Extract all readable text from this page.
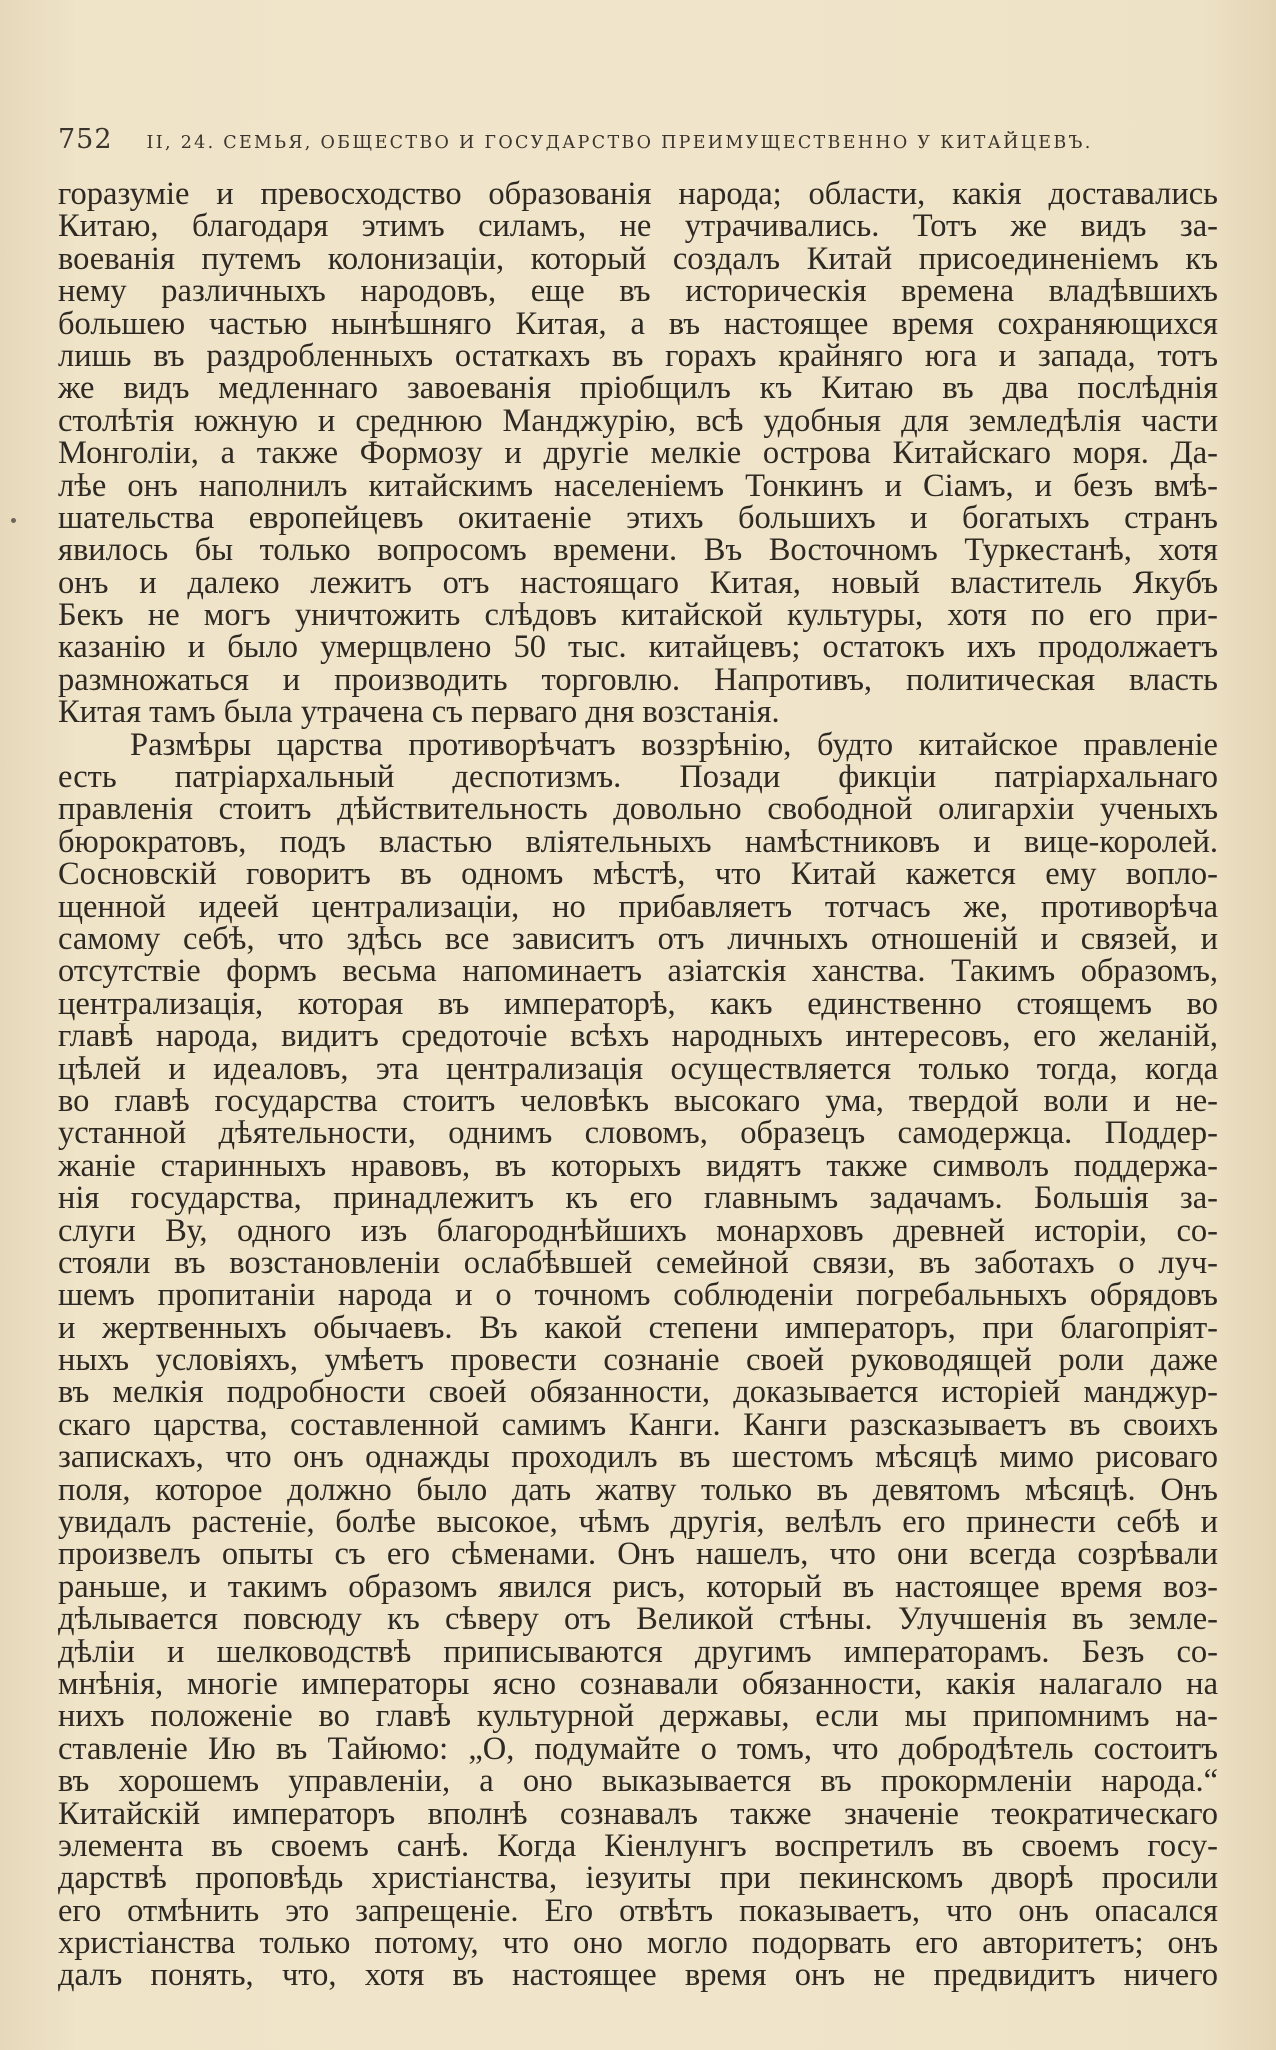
752 II, 24. СЕМЬЯ, ОБЩЕСТВО И ГОСУДАРСТВО ПРЕИМУЩЕСТВЕННО У КИТАЙЦЕВЪ.
горазуміе и превосходство образованія народа; области, какія доставались
Китаю, благодаря этимъ силамъ, не утрачивались. Тотъ же видъ за-
воеванія путемъ колонизаціи, который создалъ Китай присоединеніемъ къ
нему различныхъ народовъ, еще въ историческія времена владѣвшихъ
большею частью нынѣшняго Китая, а въ настоящее время сохраняющихся
лишь въ раздробленныхъ остаткахъ въ горахъ крайняго юга и запада, тотъ
же видъ медленнаго завоеванія пріобщилъ къ Китаю въ два послѣднія
столѣтія южную и среднюю Манджурію, всѣ удобныя для земледѣлія части
Монголіи, а также Формозу и другіе мелкіе острова Китайскаго моря. Да-
лѣе онъ наполнилъ китайскимъ населеніемъ Тонкинъ и Сіамъ, и безъ вмѣ-
шательства европейцевъ окитаеніе этихъ большихъ и богатыхъ странъ
явилось бы только вопросомъ времени. Въ Восточномъ Туркестанѣ, хотя
онъ и далеко лежитъ отъ настоящаго Китая, новый властитель Якубъ
Бекъ не могъ уничтожить слѣдовъ китайской культуры, хотя по его при-
казанію и было умерщвлено 50 тыс. китайцевъ; остатокъ ихъ продолжаетъ
размножаться и производить торговлю. Напротивъ, политическая власть
Китая тамъ была утрачена съ перваго дня возстанія.
Размѣры царства противорѣчатъ воззрѣнію, будто китайское правленіе
есть патріархальный деспотизмъ. Позади фикціи патріархальнаго
правленія стоитъ дѣйствительность довольно свободной олигархіи ученыхъ
бюрократовъ, подъ властью вліятельныхъ намѣстниковъ и вице-королей.
Сосновскій говоритъ въ одномъ мѣстѣ, что Китай кажется ему вопло-
щенной идеей централизаціи, но прибавляетъ тотчасъ же, противорѣча
самому себѣ, что здѣсь все зависитъ отъ личныхъ отношеній и связей, и
отсутствіе формъ весьма напоминаетъ азіатскія ханства. Такимъ образомъ,
централизація, которая въ императорѣ, какъ единственно стоящемъ во
главѣ народа, видитъ средоточіе всѣхъ народныхъ интересовъ, его желаній,
цѣлей и идеаловъ, эта централизація осуществляется только тогда, когда
во главѣ государства стоитъ человѣкъ высокаго ума, твердой воли и не-
устанной дѣятельности, однимъ словомъ, образецъ самодержца. Поддер-
жаніе старинныхъ нравовъ, въ которыхъ видятъ также символъ поддержа-
нія государства, принадлежитъ къ его главнымъ задачамъ. Большія за-
слуги Ву, одного изъ благороднѣйшихъ монарховъ древней исторіи, со-
стояли въ возстановленіи ослабѣвшей семейной связи, въ заботахъ о луч-
шемъ пропитаніи народа и о точномъ соблюденіи погребальныхъ обрядовъ
и жертвенныхъ обычаевъ. Въ какой степени императоръ, при благопріят-
ныхъ условіяхъ, умѣетъ провести сознаніе своей руководящей роли даже
въ мелкія подробности своей обязанности, доказывается исторіей манджур-
скаго царства, составленной самимъ Канги. Канги разсказываетъ въ своихъ
запискахъ, что онъ однажды проходилъ въ шестомъ мѣсяцѣ мимо рисоваго
поля, которое должно было дать жатву только въ девятомъ мѣсяцѣ. Онъ
увидалъ растеніе, болѣе высокое, чѣмъ другія, велѣлъ его принести себѣ и
произвелъ опыты съ его сѣменами. Онъ нашелъ, что они всегда созрѣвали
раньше, и такимъ образомъ явился рисъ, который въ настоящее время воз-
дѣлывается повсюду къ сѣверу отъ Великой стѣны. Улучшенія въ земле-
дѣліи и шелководствѣ приписываются другимъ императорамъ. Безъ со-
мнѣнія, многіе императоры ясно сознавали обязанности, какія налагало на
нихъ положеніе во главѣ культурной державы, если мы припомнимъ на-
ставленіе Ию въ Тайюмо: „О, подумайте о томъ, что добродѣтель состоитъ
въ хорошемъ управленіи, а оно выказывается въ прокормленіи народа.“
Китайскій императоръ вполнѣ сознавалъ также значеніе теократическаго
элемента въ своемъ санѣ. Когда Кіенлунгъ воспретилъ въ своемъ госу-
дарствѣ проповѣдь христіанства, іезуиты при пекинскомъ дворѣ просили
его отмѣнить это запрещеніе. Его отвѣтъ показываетъ, что онъ опасался
христіанства только потому, что оно могло подорвать его авторитетъ; онъ
далъ понять, что, хотя въ настоящее время онъ не предвидитъ ничего
